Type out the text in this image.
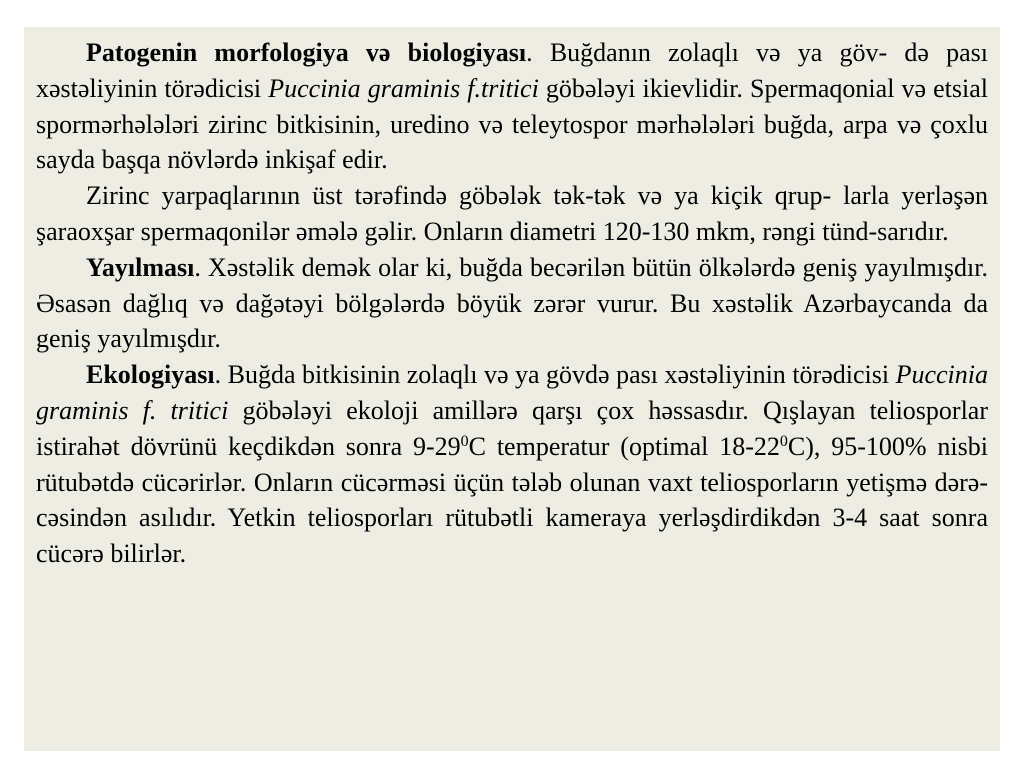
Patogenin morfologiya və biologiyası. Buğdanın zolaqlı və ya göv- də pası xəstəliyinin törədicisi Puccinia graminis f.tritici göbələyi ikievlidir. Spermaqonial və etsial spormərhələləri zirinc bitkisinin, uredino və teleytospor mərhələləri buğda, arpa və çoxlu sayda başqa növlərdə inkişaf edir.

Zirinc yarpaqlarının üst tərəfində göbələk tək-tək və ya kiçik qrup- larla yerləşən şaraoxşar spermaqonilər əmələ gəlir. Onların diametri 120-130 mkm, rəngi tünd-sarıdır.

Yayılması. Xəstəlik demək olar ki, buğda becərilən bütün ölkələrdə geniş yayılmışdır. Əsasən dağlıq və dağətəyi bölgələrdə böyük zərər vurur. Bu xəstəlik Azərbaycanda da geniş yayılmışdır.

Ekologiyası. Buğda bitkisinin zolaqlı və ya gövdə pası xəstəliyinin törədicisi Puccinia graminis f. tritici göbələyi ekoloji amillərə qarşı çox həssasdır. Qışlayan teliosporlar istirahət dövrünü keçdikdən sonra $9-29^0C$ temperatur (optimal $18-22^0C$), 95-100% nisbi rütubətdə cücərirlər. Onların cücərməsi üçün tələb olunan vaxt teliosporların yetişmə dərə-cəsindən asılıdır. Yetkin teliosporları rütubətli kameraya yerləşdirdikdən 3-4 saat sonra cücərə bilirlər.
